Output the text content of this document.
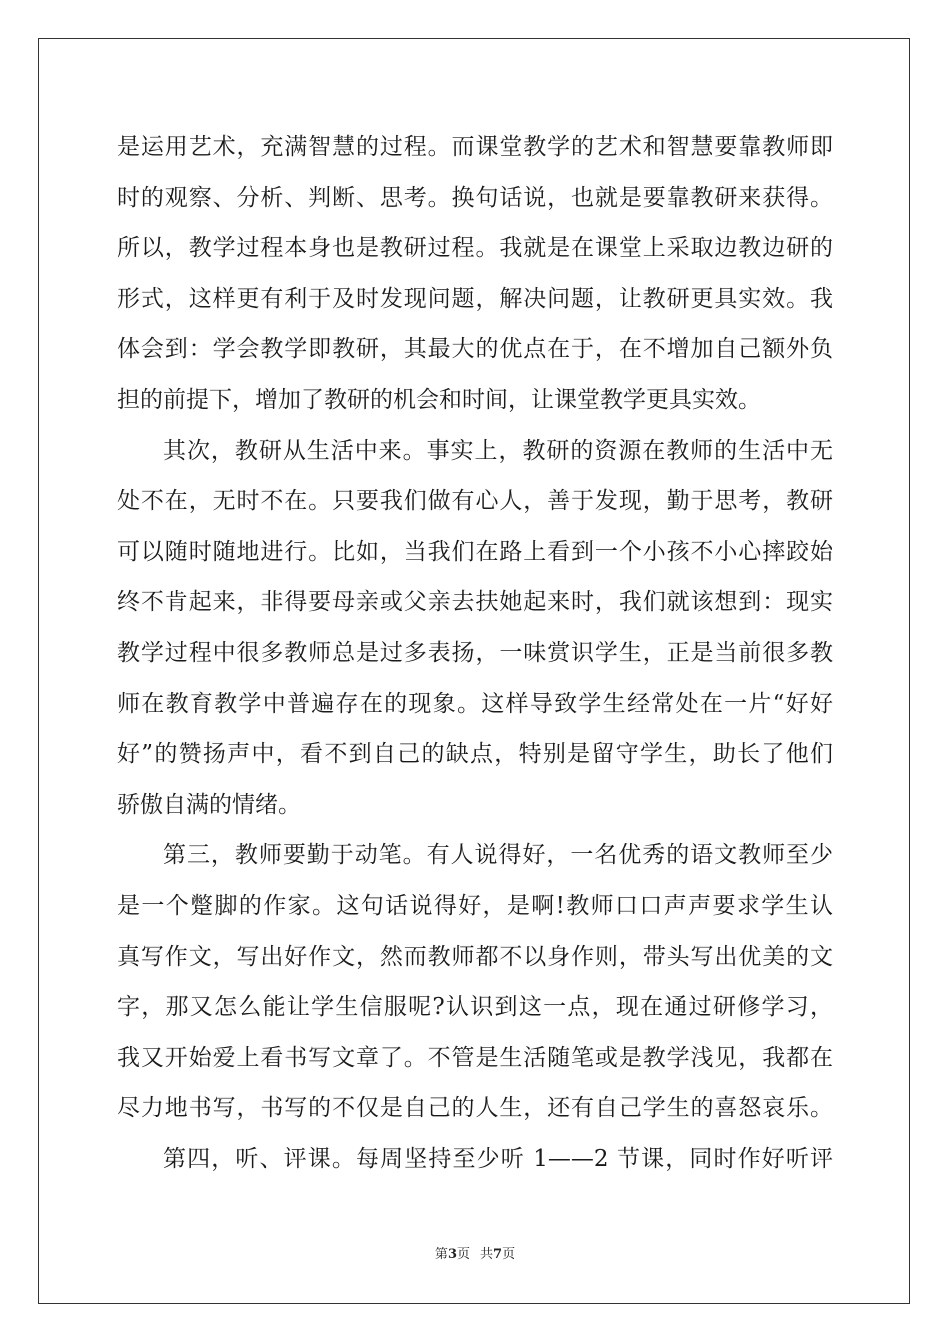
是运用艺术，充满智慧的过程。而课堂教学的艺术和智慧要靠教师即
时的观察、分析、判断、思考。换句话说，也就是要靠教研来获得。
所以，教学过程本身也是教研过程。我就是在课堂上采取边教边研的
形式，这样更有利于及时发现问题，解决问题，让教研更具实效。我
体会到：学会教学即教研，其最大的优点在于，在不增加自己额外负
担的前提下，增加了教研的机会和时间，让课堂教学更具实效。
其次，教研从生活中来。事实上，教研的资源在教师的生活中无
处不在，无时不在。只要我们做有心人，善于发现，勤于思考，教研
可以随时随地进行。比如，当我们在路上看到一个小孩不小心摔跤始
终不肯起来，非得要母亲或父亲去扶她起来时，我们就该想到：现实
教学过程中很多教师总是过多表扬，一味赏识学生，正是当前很多教
师在教育教学中普遍存在的现象。这样导致学生经常处在一片“好好
好”的赞扬声中，看不到自己的缺点，特别是留守学生，助长了他们
骄傲自满的情绪。
第三，教师要勤于动笔。有人说得好，一名优秀的语文教师至少
是一个蹩脚的作家。这句话说得好，是啊!教师口口声声要求学生认
真写作文，写出好作文，然而教师都不以身作则，带头写出优美的文
字，那又怎么能让学生信服呢?认识到这一点，现在通过研修学习，
我又开始爱上看书写文章了。不管是生活随笔或是教学浅见，我都在
尽力地书写，书写的不仅是自己的人生，还有自己学生的喜怒哀乐。
第四，听、评课。每周坚持至少听 1——2 节课，同时作好听评
第3页 共7页
